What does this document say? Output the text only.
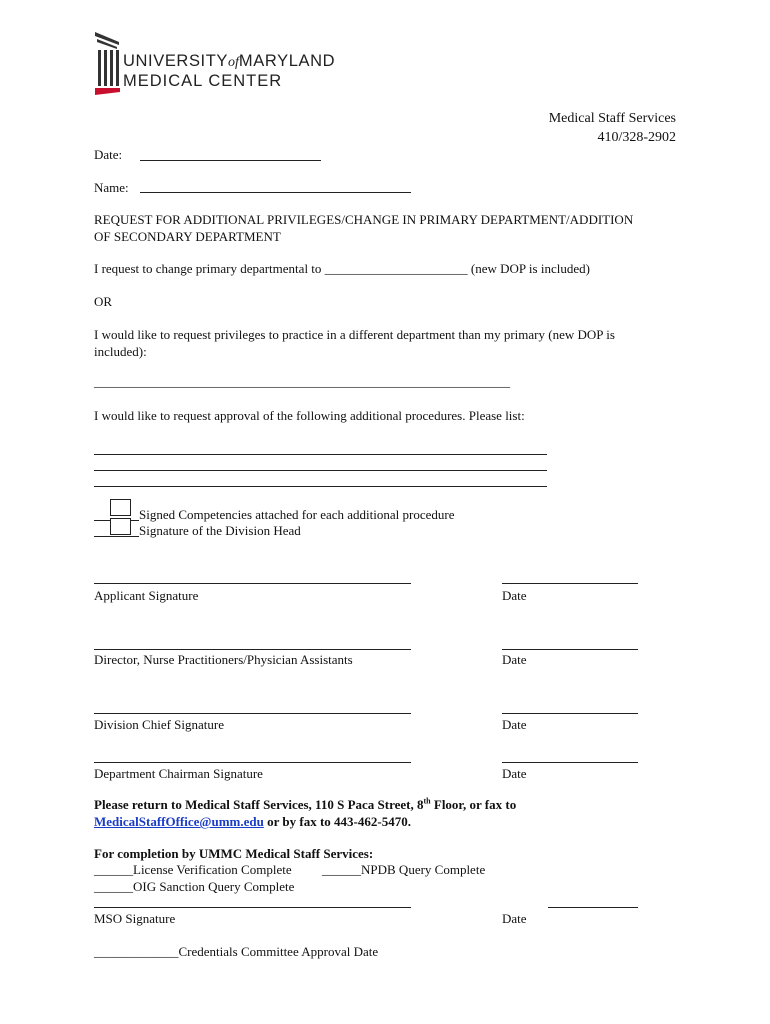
UNIVERSITYofMARYLAND
MEDICAL CENTER
Medical Staff Services
410/328-2902
Date:
Name:
REQUEST FOR ADDITIONAL PRIVILEGES/CHANGE IN PRIMARY DEPARTMENT/ADDITION
OF SECONDARY DEPARTMENT
I request to change primary departmental to ______________________ (new DOP is included)
OR
I would like to request privileges to practice in a different department than my primary (new DOP is
included):
________________________________________________________________
I would like to request approval of the following additional procedures. Please list:
Signed Competencies attached for each additional procedure
Signature of the Division Head
Applicant Signature	Date
Director, Nurse Practitioners/Physician Assistants	Date
Division Chief Signature	Date
Department Chairman Signature	Date
Please return to Medical Staff Services, 110 S Paca Street, 8th Floor, or fax to
MedicalStaffOffice@umm.edu or by fax to 443-462-5470.
For completion by UMMC Medical Staff Services:
______License Verification Complete ______NPDB Query Complete
______OIG Sanction Query Complete
MSO Signature	Date
_____________Credentials Committee Approval Date
